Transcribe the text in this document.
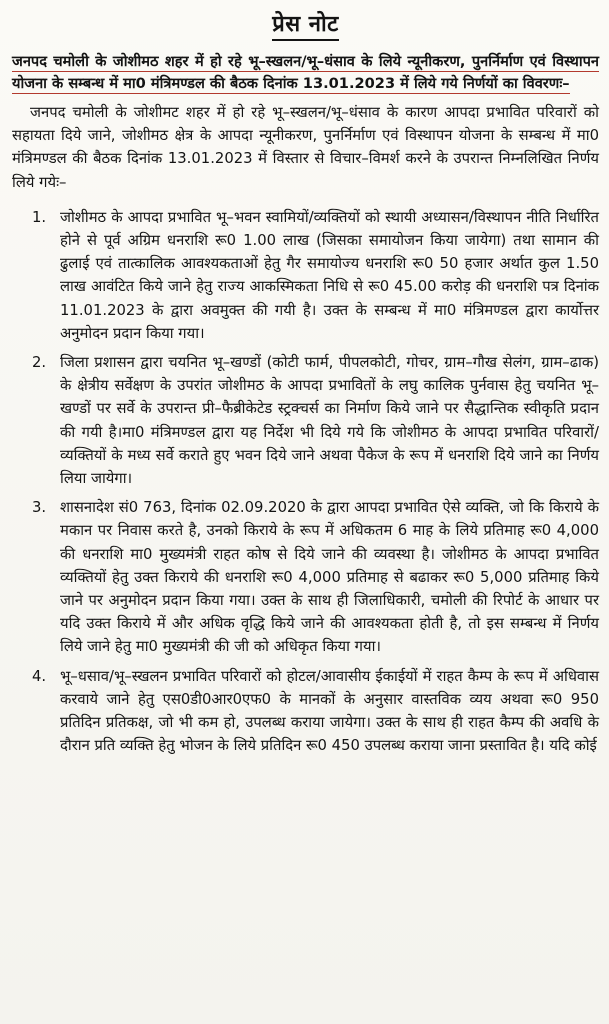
प्रेस नोट

जनपद चमोली के जोशीमठ शहर में हो रहे भू–स्खलन/भू–धंसाव के लिये न्यूनीकरण, पुनर्निर्माण एवं विस्थापन योजना के सम्बन्ध में मा0 मंत्रिमण्डल की बैठक दिनांक 13.01.2023 में लिये गये निर्णयों का विवरणः–

जनपद चमोली के जोशीमट शहर में हो रहे भू–स्खलन/भू–धंसाव के कारण आपदा प्रभावित परिवारों को सहायता दिये जाने, जोशीमठ क्षेत्र के आपदा न्यूनीकरण, पुनर्निर्माण एवं विस्थापन योजना के सम्बन्ध में मा0 मंत्रिमण्डल की बैठक दिनांक 13.01.2023 में विस्तार से विचार–विमर्श करने के उपरान्त निम्नलिखित निर्णय लिये गयेः–

1. जोशीमठ के आपदा प्रभावित भू–भवन स्वामियों/व्यक्तियों को स्थायी अध्यासन/विस्थापन नीति निर्धारित होने से पूर्व अग्रिम धनराशि रू0 1.00 लाख (जिसका समायोजन किया जायेगा) तथा सामान की ढुलाई एवं तात्कालिक आवश्यकताओं हेतु गैर समायोज्य धनराशि रू0 50 हजार अर्थात कुल 1.50 लाख आवंटित किये जाने हेतु राज्य आकस्मिकता निधि से रू0 45.00 करोड़ की धनराशि पत्र दिनांक 11.01.2023 के द्वारा अवमुक्त की गयी है। उक्त के सम्बन्ध में मा0 मंत्रिमण्डल द्वारा कार्योत्तर अनुमोदन प्रदान किया गया।
2. जिला प्रशासन द्वारा चयनित भू–खण्डों (कोटी फार्म, पीपलकोटी, गोचर, ग्राम–गौख सेलंग, ग्राम–ढाक) के क्षेत्रीय सर्वेक्षण के उपरांत जोशीमठ के आपदा प्रभावितों के लघु कालिक पुर्नवास हेतु चयनित भू–खण्डों पर सर्वे के उपरान्त प्री–फैब्रीकेटेड स्ट्रक्चर्स का निर्माण किये जाने पर सैद्धान्तिक स्वीकृति प्रदान की गयी है।मा0 मंत्रिमण्डल द्वारा यह निर्देश भी दिये गये कि जोशीमठ के आपदा प्रभावित परिवारों/व्यक्तियों के मध्य सर्वे कराते हुए भवन दिये जाने अथवा पैकेज के रूप में धनराशि दिये जाने का निर्णय लिया जायेगा।
3. शासनादेश सं0 763, दिनांक 02.09.2020 के द्वारा आपदा प्रभावित ऐसे व्यक्ति, जो कि किराये के मकान पर निवास करते है, उनको किराये के रूप में अधिकतम 6 माह के लिये प्रतिमाह रू0 4,000 की धनराशि मा0 मुख्यमंत्री राहत कोष से दिये जाने की व्यवस्था है। जोशीमठ के आपदा प्रभावित व्यक्तियों हेतु उक्त किराये की धनराशि रू0 4,000 प्रतिमाह से बढाकर रू0 5,000 प्रतिमाह किये जाने पर अनुमोदन प्रदान किया गया। उक्त के साथ ही जिलाधिकारी, चमोली की रिपोर्ट के आधार पर यदि उक्त किराये में और अधिक वृद्धि किये जाने की आवश्यकता होती है, तो इस सम्बन्ध में निर्णय लिये जाने हेतु मा0 मुख्यमंत्री की जी को अधिकृत किया गया।
4. भू–धसाव/भू–स्खलन प्रभावित परिवारों को होटल/आवासीय ईकाईयों में राहत कैम्प के रूप में अधिवास करवाये जाने हेतु एस0डी0आर0एफ0 के मानकों के अनुसार वास्तविक व्यय अथवा रू0 950 प्रतिदिन प्रतिकक्ष, जो भी कम हो, उपलब्ध कराया जायेगा। उक्त के साथ ही राहत कैम्प की अवधि के दौरान प्रति व्यक्ति हेतु भोजन के लिये प्रतिदिन रू0 450 उपलब्ध कराया जाना प्रस्तावित है। यदि कोई
